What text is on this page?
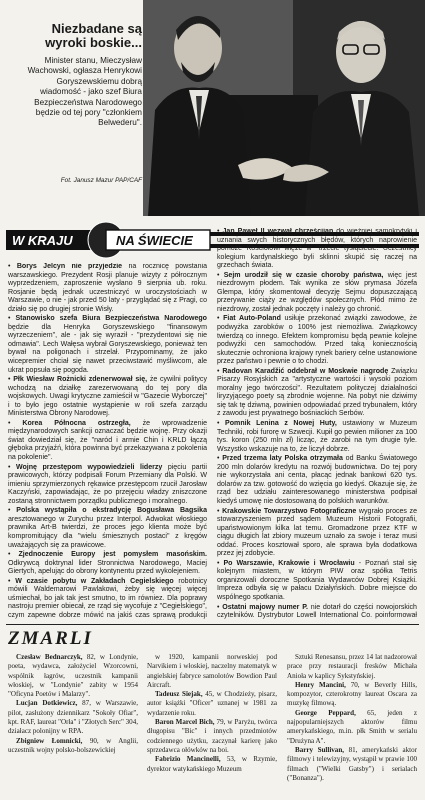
Niezbadane są
wyroki boskie...
Minister stanu, Mieczysław Wachowski, ogłasza Henrykowi Goryszewskiemu dobrą wiadomość - jako szef Biura Bezpieczeństwa Narodowego będzie od tej pory "członkiem Belwederu".
Fot. Janusz Mazur PAP/CAF
W KRAJU	NA ŚWIECIE

• Borys Jelcyn nie przyjedzie na rocznicę powstania warszawskiego. Prezydent Rosji planuje wizyty z półrocznym wyprzedzeniem, zaproszenie wysłano 9 sierpnia ub. roku. Rosjanie będą jednak uczestniczyć w uroczystościach w Warszawie, o nie - jak przed 50 laty - przyglądać się z Pragi, co działo się po drugiej stronie Wisły.

• Stanowisko szefa Biura Bezpieczeństwa Narodowego będzie dla Henryka Goryszewskiego "finansowym wyrzeczeniem", ale - jak się wyraził - "prezydentowi się nie odmawia". Lech Wałęsa wybrał Goryszewskiego, ponieważ ten bywał na poligonach i strzelał. Przypominamy, że jako wicepremier chciał się nawet przeciwstawić myśliwcom, ale ukrat popsuła się pogoda.

• Płk Wiesław Rożnicki zdenerwował się, że cywilni politycy wchodzą na działkę zarezerwowaną do tej pory dla wojskowych. Uwagi krytyczne zamieścił w "Gazecie Wyborczej" i to było jego ostatnie wystąpienie w roli szefa zarządu Ministerstwa Obrony Narodowej.

• Korea Północna ostrzegła, że wprowadzenie międzynarodowych sankcji oznaczać będzie wojnę. Przy okazji świat dowiedział się, że "naród i armie Chin i KRLD łączą głęboka przyjaźń, która powinna być przekazywana z pokolenia na pokolenie".

• Wojnę przestępom wypowiedzieli liderzy pięciu partii prawicowych, którzy podpisali Forum Przemiany dla Polski. W imieniu sprzymierzonych rękawice przestępcom rzucił Jarosław Kaczyński, zapowiadając, że po przejęciu władzy zniszczone zostaną stronnictwem porządku publicznego i moralnego.

• Polska wystąpiła o ekstradycję Bogusława Bagsika aresztowanego w Zurychu przez Interpol. Adwokat włoskiego prawnika Art-B twierdzi, że proces jego klienta może być kompromitujący dla "wielu śmiesznych postaci" z kręgów uważających się za prawicowe.

• Zjednoczenie Europy jest pomysłem masońskim. Odkrywcą doktrynal lider Stronnictwa Narodowego, Maciej Giertych, apelując do obrony kontynentu przed wykolejeniem.

• W czasie pobytu w Zakładach Cegielskiego robotnicy mówili Waldemarowi Pawlakowi, żeby się więcej więcej uśmiechał, bo jak tak jest smutno, to im równiez. Dla poprawy nastroju premier obiecał, ze rząd się wycofuje z "Cegielskiego", czym zapewne dobrze mówić na jakiś czas sprawą produkcji

• Jan Paweł II wezwał chrześcijan do więźniej samokrytyki i uznania swych historycznych błędów, których naprowienie pomoże Kościołowi więźć w "trzecie tysiąclecie. Uczestnicy kolegium kardynalskiego byli sklinni skupić się raczej na grzechach świata.

• Sejm urodził się w czasie choroby państwa, więc jest niezdrowym płodem. Tak wynika ze słów prymasa Józefa Glempa, który skomentował decyzję Sejmu dopuszczającą przerywanie ciąży ze względów społecznych. Płód mimo że niezdrowy, został jednak poczęty i należy go chronić.

• Fiat Auto-Poland usiłuje przekonać związki zawodowe, że podwyżka zarobków o 100% jest niemożliwa. Związkowcy twierdzą co innego. Efektem kompromisu będą pewnie kolejne podwyżki cen samochodów. Przed taką koniecznością skutecznie ochroniona krajowy rynek bariery celne ustanowione przez państwo i pewnie o to chodzi.

• Radovan Karadžić oddebrał w Moskwie nagrodę Związku Pisarzy Rosyjskich za "artystyczne wartości i wysoki poziom moralny jego twórczości". Rezultatem polityczej działalności liryzyjącego poety są zbrodnie wojenne. Na pobyt nie dziwimy się tak tę dziwną, powinien odpowiadać przed trybunałem, który z zawodu jest prywatnego bośniackich Serbów.

• Pomnik Lenina z Nowej Huty, ustawiony w Muzeum Techniki, robi furorę w Szwecji. Kupił go pewien milioner za 100 tys. koron (250 mln zł) licząc, że zarobi na tym drugie tyle. Wszystko wskazuje na to, że liczył dobrze.

• Przed trzema laty Polska otrzymała od Banku Światowego 200 mln dolarów kredytu na rozwój budownictwa. Do tej pory nie wykorzystała ani centa, płacąc jednak bankowi 620 tys. dolarów za tzw. gotowość do wzięcia go kiedyś. Okazuje się, że rząd bez udziału zainteresowanego ministerstwa podpisał kiedyś umowę nie dostosowaną do polskich warunków.

• Krakowskie Towarzystwo Fotograficzne wygrało proces ze stowarzyszeniem przed sądem Muzeum Historii Fotografii, upaństwowionym kilka lat temu. Gromadzone przez KTF w ciągu długich lat zbiory muzeum uznało za swoje i teraz musi oddać. Proces kosztował sporo, ale sprawa była dodatkowa przez jej zdobycie.

• Po Warszawie, Krakowie i Wrocławiu - Poznań stał się kolejnym miastem, w którym PIW oraz spółka Tetris organizowali doroczne Spotkania Wydawców Dobrej Książki. Impreza odbyła się w pałacu Działyńskich. Dobre miejsce do wspólnego spotkania.

• Ostatni majowy numer P. nie dotarł do części nowojorskich czytelników. Dystrybutor Lowell International Co. poinformował

ZMARLI

Czesław Bednarczyk, 82, w Londynie, poeta, wydawca, założyciel Wzorcowni, wspólnik łagrów, uczestnik kampanii włoskiej, w "Londynie" zabity w 1954 "Oficyna Poetów i Malarzy".

Lucjan Dotkiewicz, 87, w Warszawie, pilot, zasłużony dziennikarz "Sokoły Ofiar", kpt. RAF, laureat "Orła" i "Złotych Serc" 304, działacz polonijny w RPA.

Zbigniew Łomnicki, 90, w Anglii, uczestnik wojny polsko-bolszewickiej

w 1920, kampanii norweskiej pod Narvikiem i włoskiej, naczelny matematyk w angielskiej fabryce samolotów Bowdion Paul Aircraft.

Tadeusz Siejak, 45, w Chodzieży, pisarz, autor książki "Oficer" uznanej w 1981 za wydarzenie roku.

Baron Marcel Bich, 79, w Paryżu, twórca długopisu "Bic" i innych przedmiotów codziennego użytku, zaczynał karierę jako sprzedawca ołówków na boi.

Fabrizio Mancinelli, 53, w Rzymie, dyrektor watykańskiego Muzeum

Sztuki Renesansu, przez 14 lat nadzorował prace przy restauracji fresków Michała Anioła w kaplicy Sykstyńskiej.

Henry Mancini, 70, w Beverly Hills, kompozytor, czterokrotny laureat Oscara za muzykę filmową.

George Peppard, 65, jeden z najpopularniejszych aktorów filmu amerykańskiego, m.in. płk Smith w serialu "Drużyna A".

Barry Sullivan, 81, amerykański aktor filmowy i telewizyjny, wystąpił w prawie 100 filmach ("Wielki Gatsby") i serialach ("Bonanza").
